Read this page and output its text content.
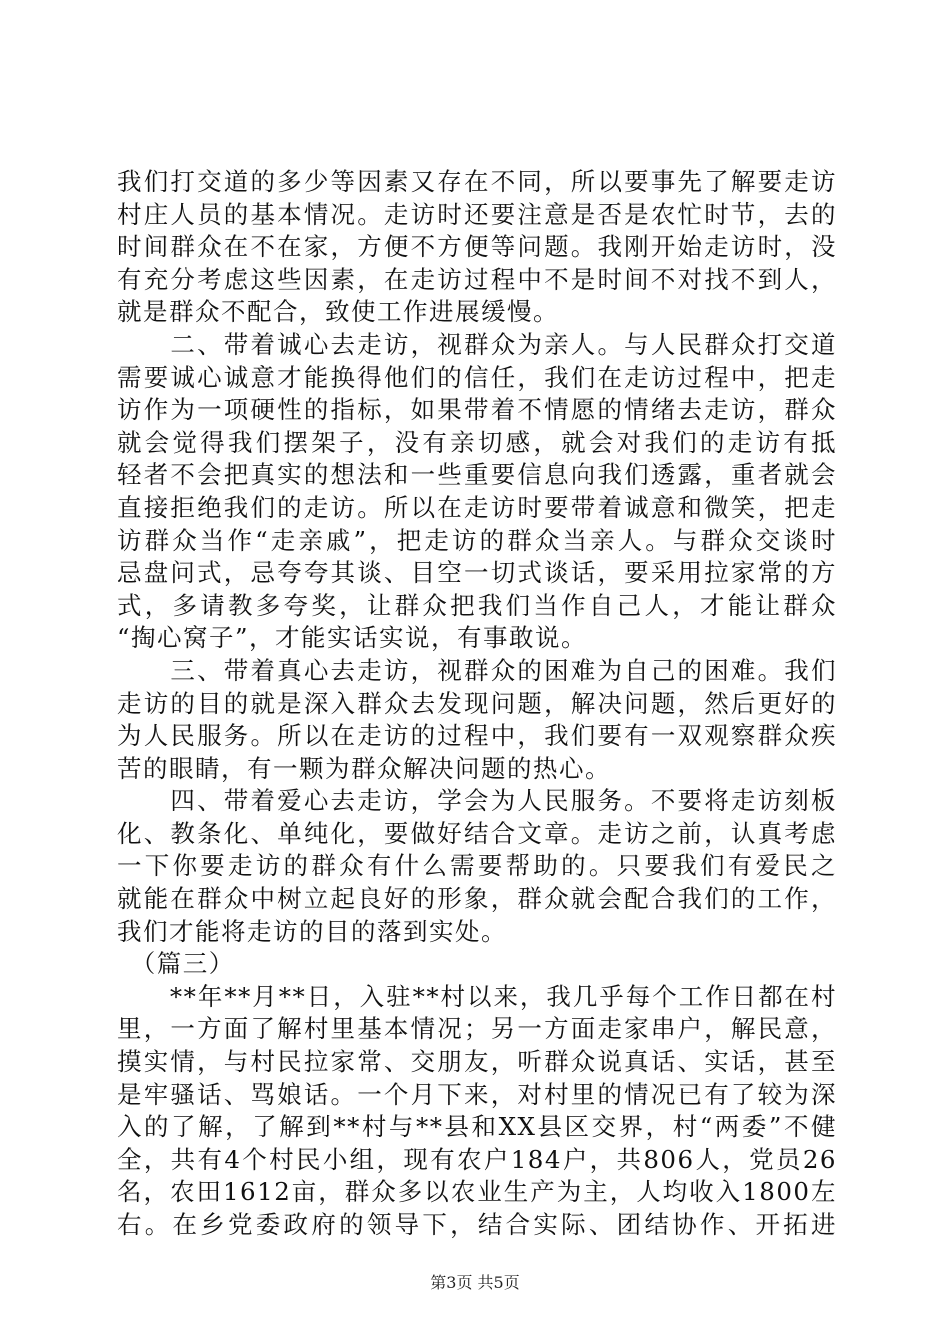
我们打交道的多少等因素又存在不同，所以要事先了解要走访
村庄人员的基本情况。走访时还要注意是否是农忙时节，去的
时间群众在不在家，方便不方便等问题。我刚开始走访时，没
有充分考虑这些因素，在走访过程中不是时间不对找不到人，
就是群众不配合，致使工作进展缓慢。
　　二、带着诚心去走访，视群众为亲人。与人民群众打交道
需要诚心诚意才能换得他们的信任，我们在走访过程中，把走
访作为一项硬性的指标，如果带着不情愿的情绪去走访，群众
就会觉得我们摆架子，没有亲切感，就会对我们的走访有抵
轻者不会把真实的想法和一些重要信息向我们透露，重者就会
直接拒绝我们的走访。所以在走访时要带着诚意和微笑，把走
访群众当作“走亲戚”，把走访的群众当亲人。与群众交谈时
忌盘问式，忌夸夸其谈、目空一切式谈话，要采用拉家常的方
式，多请教多夸奖，让群众把我们当作自己人，才能让群众
“掏心窝子”，才能实话实说，有事敢说。
　　三、带着真心去走访，视群众的困难为自己的困难。我们
走访的目的就是深入群众去发现问题，解决问题，然后更好的
为人民服务。所以在走访的过程中，我们要有一双观察群众疾
苦的眼睛，有一颗为群众解决问题的热心。
　　四、带着爱心去走访，学会为人民服务。不要将走访刻板
化、教条化、单纯化，要做好结合文章。走访之前，认真考虑
一下你要走访的群众有什么需要帮助的。只要我们有爱民之
就能在群众中树立起良好的形象，群众就会配合我们的工作，
我们才能将走访的目的落到实处。
　（篇三）
　　**年**月**日，入驻**村以来，我几乎每个工作日都在村
里，一方面了解村里基本情况；另一方面走家串户，解民意，
摸实情，与村民拉家常、交朋友，听群众说真话、实话，甚至
是牢骚话、骂娘话。一个月下来，对村里的情况已有了较为深
入的了解，了解到**村与**县和XX县区交界，村“两委”不健
全，共有4个村民小组，现有农户184户，共806人，党员26
名，农田1612亩，群众多以农业生产为主，人均收入1800左
右。在乡党委政府的领导下，结合实际、团结协作、开拓进
第3页 共5页
